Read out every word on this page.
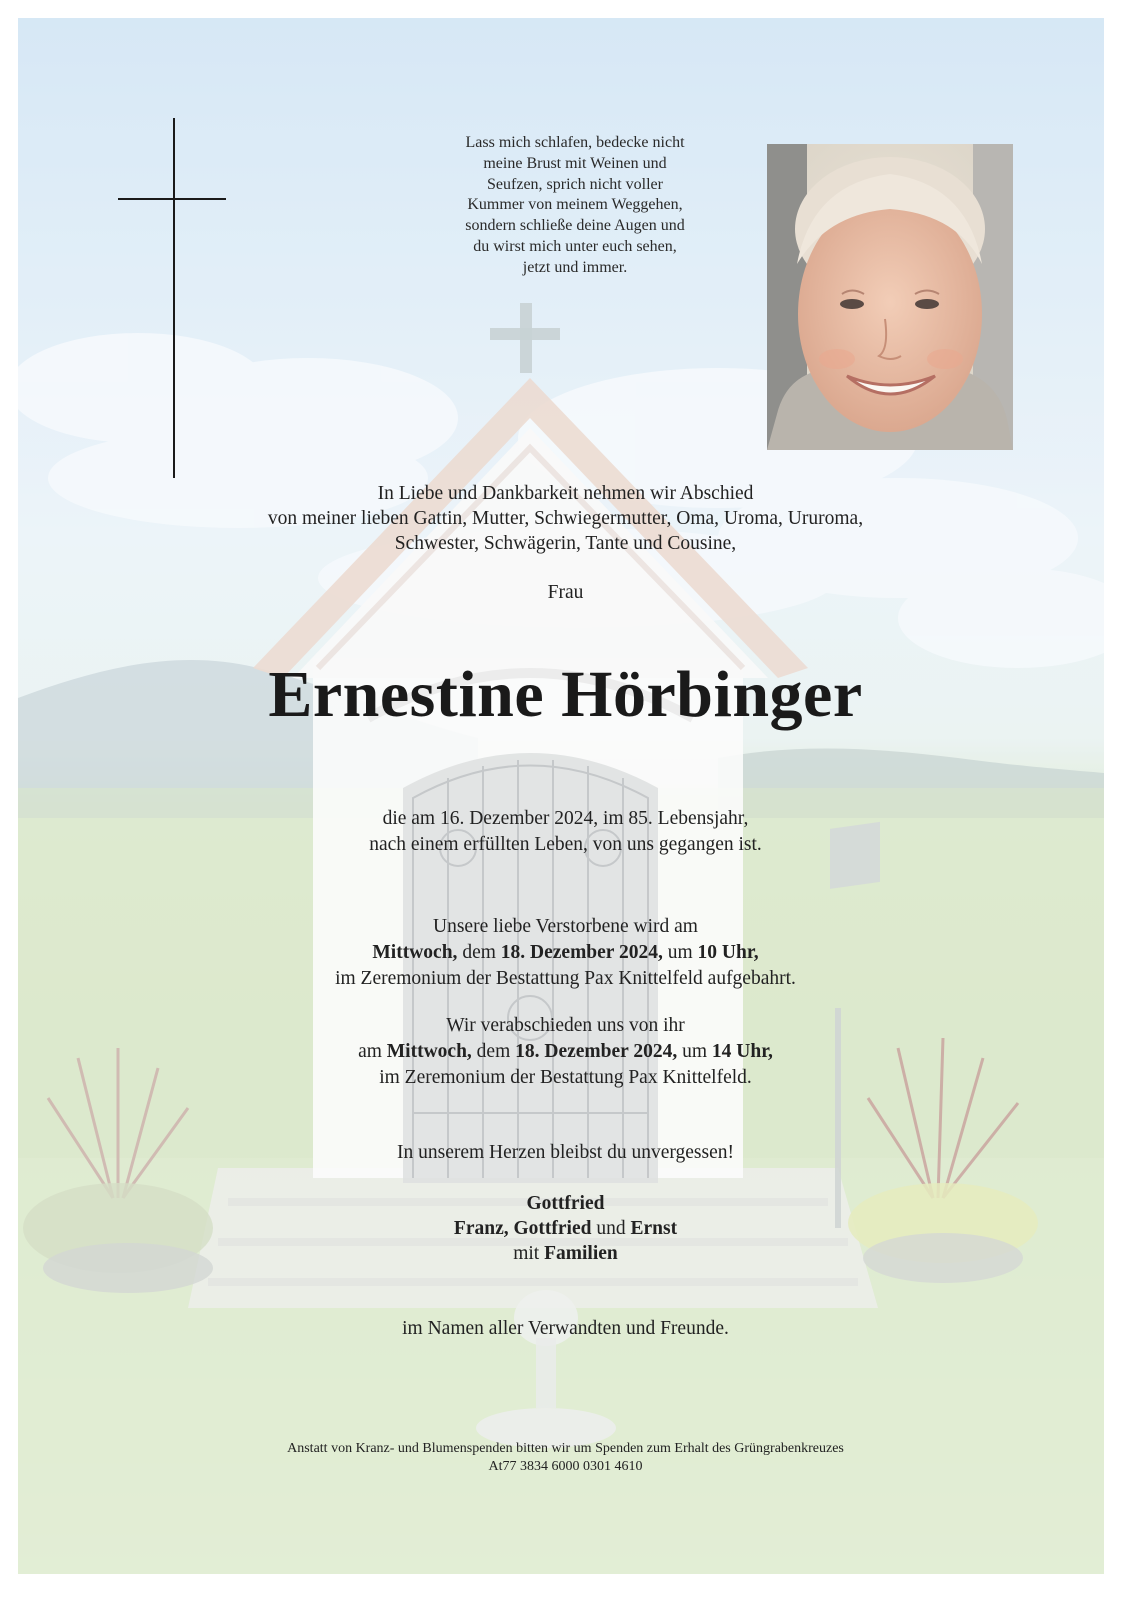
Lass mich schlafen, bedecke nicht
meine Brust mit Weinen und
Seufzen, sprich nicht voller
Kummer von meinem Weggehen,
sondern schließe deine Augen und
du wirst mich unter euch sehen,
jetzt und immer.
In Liebe und Dankbarkeit nehmen wir Abschied
von meiner lieben Gattin, Mutter, Schwiegermutter, Oma, Uroma, Ururoma,
Schwester, Schwägerin, Tante und Cousine,
Frau
Ernestine Hörbinger
die am 16. Dezember 2024, im 85. Lebensjahr,
nach einem erfüllten Leben, von uns gegangen ist.
Unsere liebe Verstorbene wird am
Mittwoch, dem 18. Dezember 2024, um 10 Uhr,
im Zeremonium der Bestattung Pax Knittelfeld aufgebahrt.
Wir verabschieden uns von ihr
am Mittwoch, dem 18. Dezember 2024, um 14 Uhr,
im Zeremonium der Bestattung Pax Knittelfeld.
In unserem Herzen bleibst du unvergessen!
Gottfried
Franz, Gottfried und Ernst
mit Familien
im Namen aller Verwandten und Freunde.
Anstatt von Kranz- und Blumenspenden bitten wir um Spenden zum Erhalt des Grüngrabenkreuzes
At77 3834 6000 0301 4610
